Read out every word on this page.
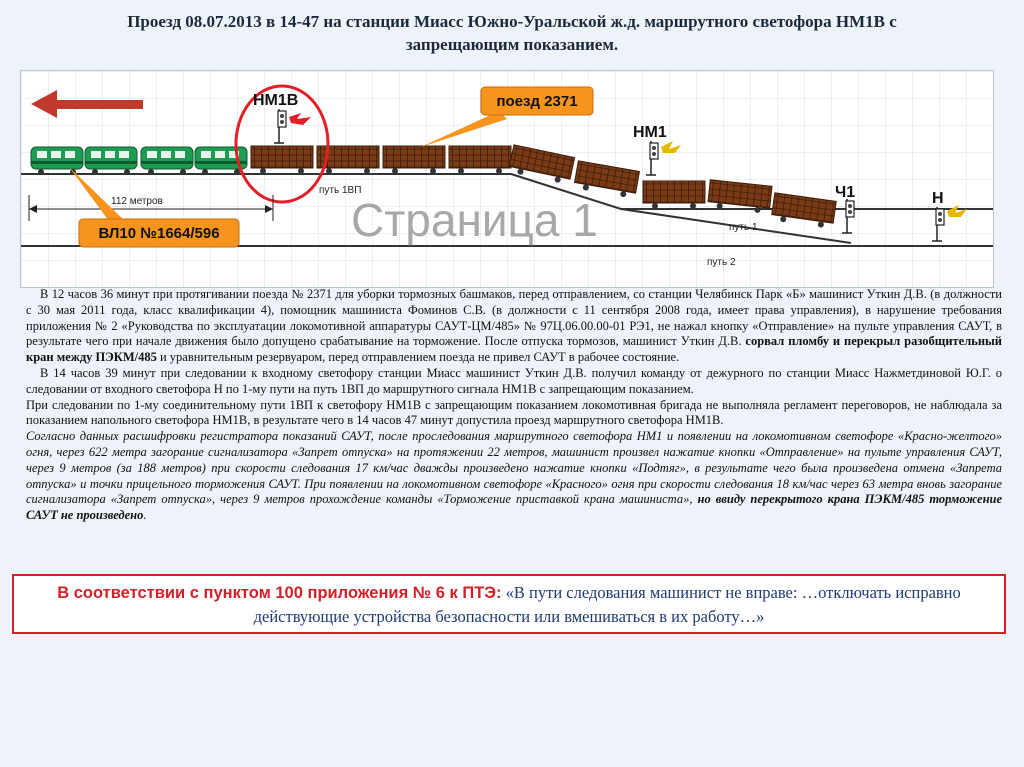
Проезд 08.07.2013 в 14-47 на станции Миасс Южно-Уральской ж.д. маршрутного светофора НМ1В с
запрещающим показанием.
Страница 1
НМ1В
НМ1
Ч1	Н
путь 1ВП
путь 1
путь 2
112 метров
поезд 2371
ВЛ10 №1664/596

В 12 часов 36 минут при протягивании поезда № 2371 для уборки тормозных башмаков, перед отправлением, со станции Челябинск Парк «Б» машинист Уткин Д.В. (в должности с 30 мая 2011 года, класс квалификации 4), помощник машиниста Фоминов С.В. (в должности с 11 сентября 2008 года, имеет права управления), в нарушение требования приложения № 2 «Руководства по эксплуатации локомотивной аппаратуры САУТ-ЦМ/485» № 97Ц.06.00.00-01 РЭ1, не нажал кнопку «Отправление» на пульте управления САУТ, в результате чего при начале движения было допущено срабатывание на торможение. После отпуска тормозов, машинист Уткин Д.В. сорвал пломбу и перекрыл разобщительный кран между ПЭКМ/485 и уравнительным резервуаром, перед отправлением поезда не привел САУТ в рабочее состояние.

В 14 часов 39 минут при следовании к входному светофору станции Миасс машинист Уткин Д.В. получил команду от дежурного по станции Миасс Нажметдиновой Ю.Г. о следовании от входного светофора Н по 1-му пути на путь 1ВП до маршрутного сигнала НМ1В с запрещающим показанием.

При следовании по 1-му соединительному пути 1ВП к светофору НМ1В с запрещающим показанием локомотивная бригада не выполняла регламент переговоров, не наблюдала за показанием напольного светофора НМ1В, в результате чего в 14 часов 47 минут допустила проезд маршрутного светофора НМ1В.

Согласно данных расшифровки регистратора показаний САУТ, после проследования маршрутного светофора НМ1 и появлении на локомотивном светофоре «Красно-желтого» огня, через 622 метра загорание сигнализатора «Запрет отпуска» на протяжении 22 метров, машинист произвел нажатие кнопки «Отправление» на пульте управления САУТ, через 9 метров (за 188 метров) при скорости следования 17 км/час дважды произведено нажатие кнопки «Подтяг», в результате чего была произведена отмена «Запрета отпуска» и точки прицельного торможения САУТ. При появлении на локомотивном светофоре «Красного» огня при скорости следования 18 км/час через 63 метра вновь загорание сигнализатора «Запрет отпуска», через 9 метров прохождение команды «Торможение приставкой крана машиниста», но ввиду перекрытого крана ПЭКМ/485 торможение САУТ не произведено.

В соответствии с пунктом 100 приложения № 6 к ПТЭ: «В пути следования машинист не вправе: …отключать исправно действующие устройства безопасности или вмешиваться в их работу…»
